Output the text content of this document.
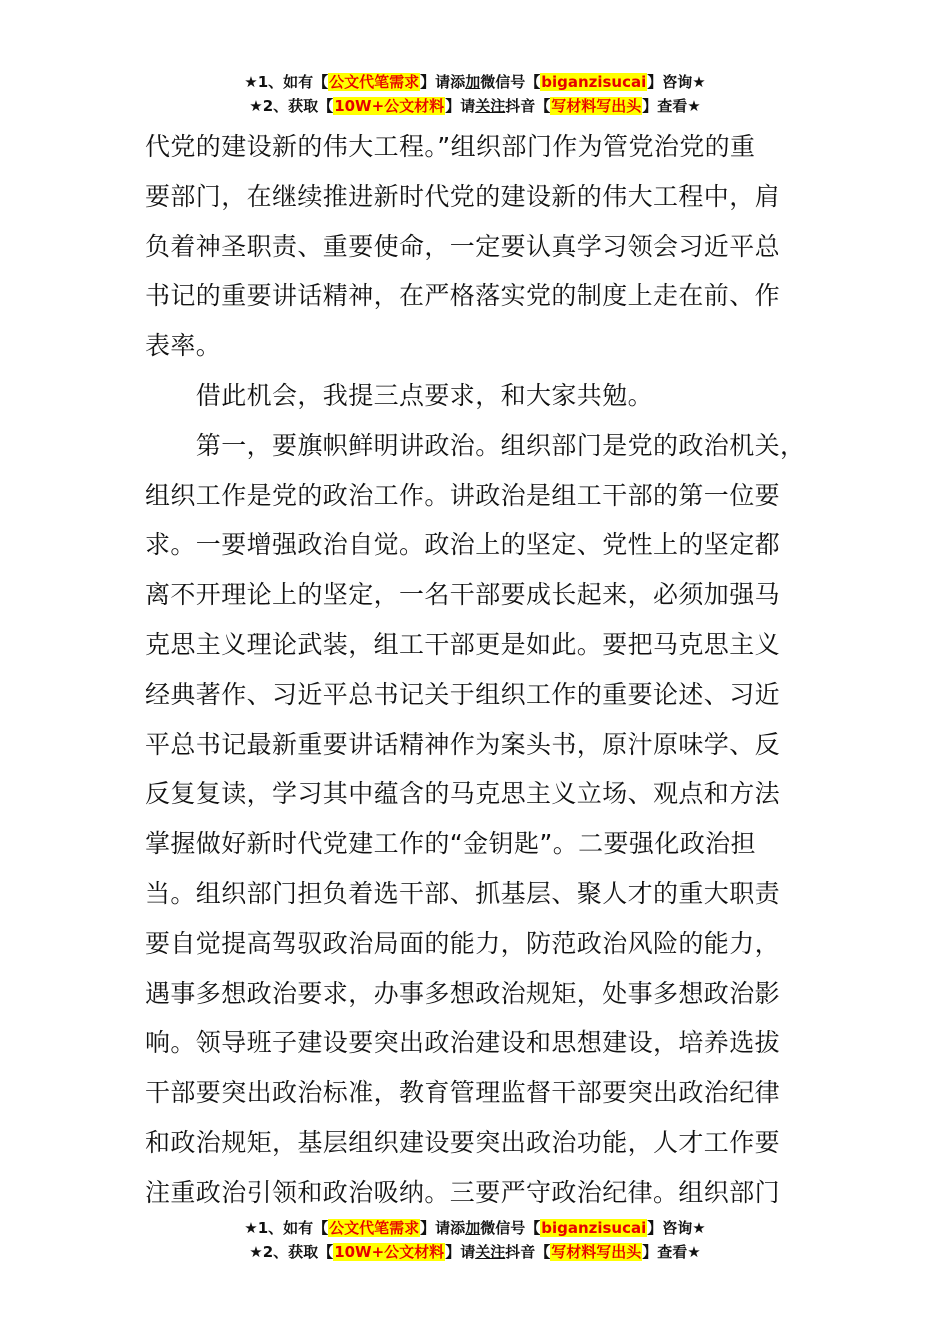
★1、如有【公文代笔需求】请添加微信号【biganzisucai】咨询★
★2、获取【10W+公文材料】请关注抖音【写材料写出头】查看★
代党的建设新的伟大工程。”组织部门作为管党治党的重
要部门，在继续推进新时代党的建设新的伟大工程中，肩
负着神圣职责、重要使命，一定要认真学习领会习近平总
书记的重要讲话精神，在严格落实党的制度上走在前、作
表率。
　　借此机会，我提三点要求，和大家共勉。
　　第一，要旗帜鲜明讲政治。组织部门是党的政治机关，
组织工作是党的政治工作。讲政治是组工干部的第一位要
求。一要增强政治自觉。政治上的坚定、党性上的坚定都
离不开理论上的坚定，一名干部要成长起来，必须加强马
克思主义理论武装，组工干部更是如此。要把马克思主义
经典著作、习近平总书记关于组织工作的重要论述、习近
平总书记最新重要讲话精神作为案头书，原汁原味学、反
反复复读，学习其中蕴含的马克思主义立场、观点和方法
掌握做好新时代党建工作的“金钥匙”。二要强化政治担
当。组织部门担负着选干部、抓基层、聚人才的重大职责
要自觉提高驾驭政治局面的能力，防范政治风险的能力，
遇事多想政治要求，办事多想政治规矩，处事多想政治影
响。领导班子建设要突出政治建设和思想建设，培养选拔
干部要突出政治标准，教育管理监督干部要突出政治纪律
和政治规矩，基层组织建设要突出政治功能，人才工作要
注重政治引领和政治吸纳。三要严守政治纪律。组织部门
★1、如有【公文代笔需求】请添加微信号【biganzisucai】咨询★
★2、获取【10W+公文材料】请关注抖音【写材料写出头】查看★
